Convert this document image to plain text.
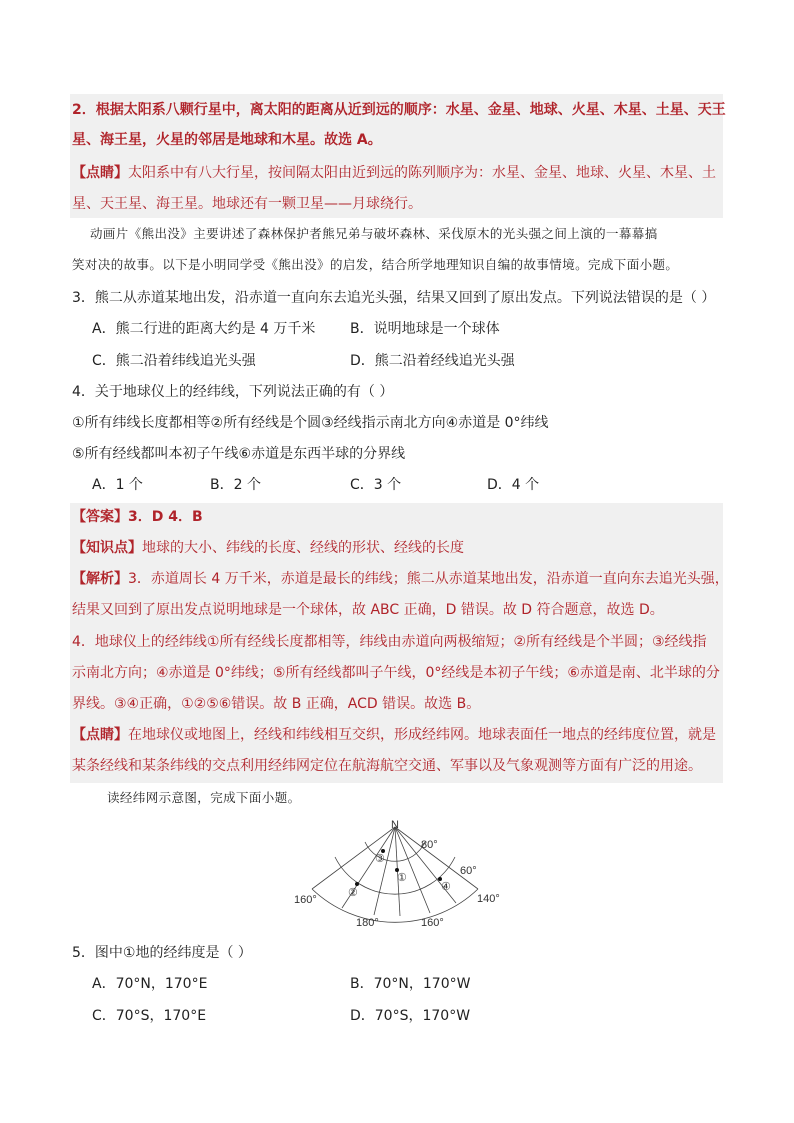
2．根据太阳系八颗行星中，离太阳的距离从近到远的顺序：水星、金星、地球、火星、木星、土星、天王
星、海王星，火星的邻居是地球和木星。故选 A。
【点睛】太阳系中有八大行星，按间隔太阳由近到远的陈列顺序为：水星、金星、地球、火星、木星、土
星、天王星、海王星。地球还有一颗卫星——月球绕行。
动画片《熊出没》主要讲述了森林保护者熊兄弟与破坏森林、采伐原木的光头强之间上演的一幕幕搞
笑对决的故事。以下是小明同学受《熊出没》的启发，结合所学地理知识自编的故事情境。完成下面小题。
3．熊二从赤道某地出发，沿赤道一直向东去追光头强，结果又回到了原出发点。下列说法错误的是（ ）
A．熊二行进的距离大约是 4 万千米 B．说明地球是一个球体
C．熊二沿着纬线追光头强	D．熊二沿着经线追光头强
4．关于地球仪上的经纬线，下列说法正确的有（ ）
①所有纬线长度都相等②所有经线是个圆③经线指示南北方向④赤道是 0°纬线
⑤所有经线都叫本初子午线⑥赤道是东西半球的分界线
A．1 个	B．2 个	C．3 个	D．4 个
【答案】3．D 4．B
【知识点】地球的大小、纬线的长度、经线的形状、经线的长度
【解析】3．赤道周长 4 万千米，赤道是最长的纬线；熊二从赤道某地出发，沿赤道一直向东去追光头强，
结果又回到了原出发点说明地球是一个球体，故 ABC 正确，D 错误。故 D 符合题意，故选 D。
4．地球仪上的经纬线①所有经线长度都相等，纬线由赤道向两极缩短；②所有经线是个半圆；③经线指
示南北方向；④赤道是 0°纬线；⑤所有经线都叫子午线，0°经线是本初子午线；⑥赤道是南、北半球的分
界线。③④正确，①②⑤⑥错误。故 B 正确，ACD 错误。故选 B。
【点睛】在地球仪或地图上，经线和纬线相互交织，形成经纬网。地球表面任一地点的经纬度位置，就是
某条经线和某条纬线的交点利用经纬网定位在航海航空交通、军事以及气象观测等方面有广泛的用途。
读经纬网示意图，完成下面小题。
N
80°
60°
160°	140°
180°	160°
③
①
②	④
5．图中①地的经纬度是（ ）
A．70°N，170°E	B．70°N，170°W
C．70°S，170°E	D．70°S，170°W
